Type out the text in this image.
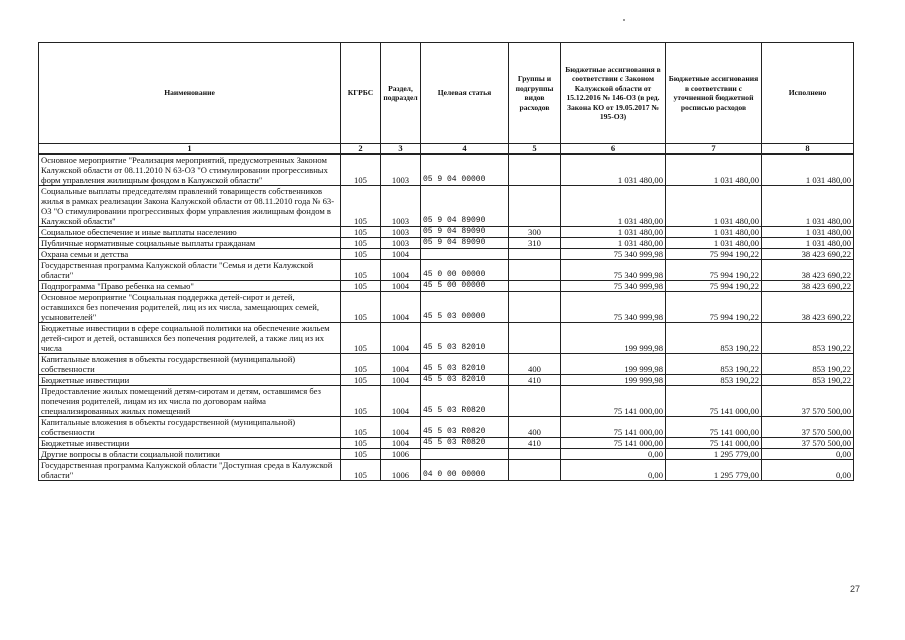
Наименование	КГРБС	Раздел, подраздел	Целевая статья	Группы и подгруппы видов расходов	Бюджетные ассигнования в соответствии с Законом Калужской области от 15.12.2016 № 146-ОЗ (в ред. Закона КО от 19.05.2017 № 195-ОЗ)	Бюджетные ассигнования в соответствии с уточненной бюджетной росписью расходов	Исполнено
1	2	3	4	5	6	7	8
Основное мероприятие "Реализация мероприятий, предусмотренных Законом Калужской области от 08.11.2010 N 63-ОЗ "О стимулировании прогрессивных форм управления жилищным фондом в Калужской области"	105	1003	05 9 04 00000		1 031 480,00	1 031 480,00	1 031 480,00
Социальные выплаты председателям правлений товариществ собственников жилья в рамках реализации Закона Калужской области от 08.11.2010 года № 63-ОЗ "О стимулировании прогрессивных форм управления жилищным фондом в Калужской области"	105	1003	05 9 04 89090		1 031 480,00	1 031 480,00	1 031 480,00
Социальное обеспечение и иные выплаты населению	105	1003	05 9 04 89090	300	1 031 480,00	1 031 480,00	1 031 480,00
Публичные нормативные социальные выплаты гражданам	105	1003	05 9 04 89090	310	1 031 480,00	1 031 480,00	1 031 480,00
Охрана семьи и детства	105	1004			75 340 999,98	75 994 190,22	38 423 690,22
Государственная программа Калужской области "Семья и дети Калужской области"	105	1004	45 0 00 00000		75 340 999,98	75 994 190,22	38 423 690,22
Подпрограмма "Право ребенка на семью"	105	1004	45 5 00 00000		75 340 999,98	75 994 190,22	38 423 690,22
Основное мероприятие "Социальная поддержка детей-сирот и детей, оставшихся без попечения родителей, лиц из их числа, замещающих семей, усыновителей"	105	1004	45 5 03 00000		75 340 999,98	75 994 190,22	38 423 690,22
Бюджетные инвестиции в сфере социальной политики на обеспечение жильем детей-сирот и детей, оставшихся без попечения родителей, а также лиц из их числа	105	1004	45 5 03 82010		199 999,98	853 190,22	853 190,22
Капитальные вложения в объекты государственной (муниципальной) собственности	105	1004	45 5 03 82010	400	199 999,98	853 190,22	853 190,22
Бюджетные инвестиции	105	1004	45 5 03 82010	410	199 999,98	853 190,22	853 190,22
Предоставление жилых помещений детям-сиротам и детям, оставшимся без попечения родителей, лицам из их числа по договорам найма специализированных жилых помещений	105	1004	45 5 03 R0820		75 141 000,00	75 141 000,00	37 570 500,00
Капитальные вложения в объекты государственной (муниципальной) собственности	105	1004	45 5 03 R0820	400	75 141 000,00	75 141 000,00	37 570 500,00
Бюджетные инвестиции	105	1004	45 5 03 R0820	410	75 141 000,00	75 141 000,00	37 570 500,00
Другие вопросы в области социальной политики	105	1006			0,00	1 295 779,00	0,00
Государственная программа Калужской области "Доступная среда в Калужской области"	105	1006	04 0 00 00000		0,00	1 295 779,00	0,00
27
